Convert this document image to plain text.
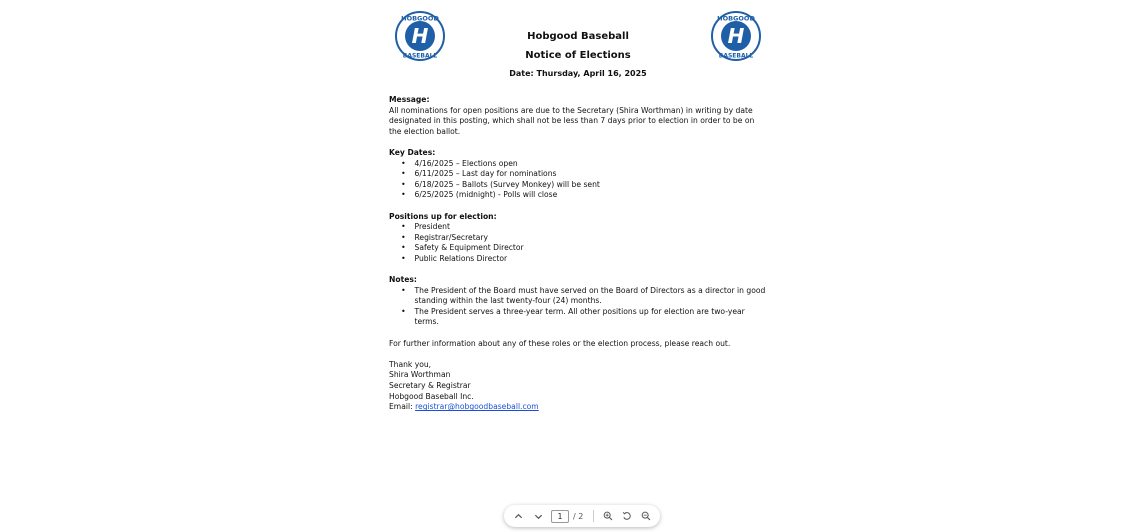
HOBGOOD
H
BASEBALL
HOBGOOD
H
BASEBALL
Hobgood Baseball
Notice of Elections
Date: Thursday, April 16, 2025
Message:
All nominations for open positions are due to the Secretary (Shira Worthman) in writing by date designated in this posting, which shall not be less than 7 days prior to election in order to be on the election ballot.
Key Dates:
• 4/16/2025 – Elections open
• 6/11/2025 – Last day for nominations
• 6/18/2025 – Ballots (Survey Monkey) will be sent
• 6/25/2025 (midnight) - Polls will close
Positions up for election:
• President
• Registrar/Secretary
• Safety & Equipment Director
• Public Relations Director
Notes:
• The President of the Board must have served on the Board of Directors as a director in good standing within the last twenty-four (24) months.
• The President serves a three-year term. All other positions up for election are two-year terms.
For further information about any of these roles or the election process, please reach out.
Thank you,
Shira Worthman
Secretary & Registrar
Hobgood Baseball Inc.
Email: registrar@hobgoodbaseball.com
1
/ 2
